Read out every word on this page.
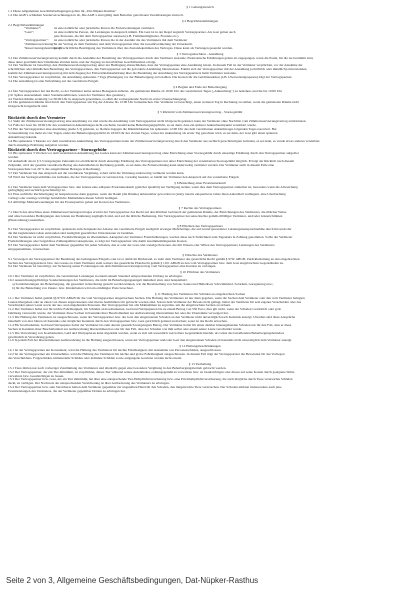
§ 1 Geltungsbereich
1.1 Diese Allgemeinen Geschäftsbedingungen gelten für „Dat-Nüpker-Rasthus“
1.2 Die AGB´s schließen Sonderverrechnungen in ab, Die AGB´s sind gültig dem Betreiber getroffenen Vereinbarungen sinnvoll.
§ 2 Begriffsbestimmungen
2.1 Begriffsbestimmungen
"Vermieter":	ist eine natürliche oder juristische Person die Ferienwohnungen vermietet.
"Gast":	ist eine natürliche Person, die Leistungen in Anspruch nimmt. Ein Gast ist in der Regel zugleich Vertragspartner. Als Gast gelten auch
jene Personen, die mit dem Vertragspartner anreisen (z.B. Familienmitglieder, Freunde etc.).
"Vertragspartner": ist eine natürliche oder juristische Person die in der Ausfuhr die des Vermieters mit dem Vermieter
"Zimmerreservierung":ist der Vertrag zu dem Vermieter und dem Vertragspartner über die Gesamtvermietung der Unterkunft.
"Reservierungsbestätigung":ist die schriftliche Bestätigung des Vermieters über das Zustandekommen des Vertrages. Diese kann als Verlangen gesendet werden.
§ 3 Vertragsabschluss - Anzahlung
3.1 Der Zimmerreservierungsvertrag kommt durch die Annahme der Bestellung des Vertragspartners durch den Vermieter zustande. Elektronische Erklärungen gelten als zugegangen, wenn die Partei, für die sie bestimmt sind,
diese unter gewöhnlichen Umständen abrufen kann, und der Zugang zu den üblichen Geschäftszeiten erfolgt.
3.2 Der Vermieter ist berechtigt, den Zimmerreservierungsvertrag unter der Bedingung abzuschließen, dass der Vertragspartner eine Anzahlung leistet. In diesem Fall ist der Vermieter verpflichtet, vor der Annahme der
schriftlichen oder mündlichen Bestellung des Vertragspartners, den Vertragspartner auf die geforderte Anzahlung hinzuweisen. Erklärt sich der Vertragspartner mit der Anzahlung (schriftlich oder mündlich) einverstanden,
kommt der Zimmerreservierungsvertrag mit dem Zugang der Einverständniserklärung über die Bezahlung der Anzahlung des Vertragspartners beim Vermieter zustande.
3.3 Der Vertragspartner ist verpflichtet, die Anzahlung spätestens 7 Tage (Einlangen) vor der Beherbergung zu bezahlen. Die Kosten für die Geldtransaktion (z.B. Überweisungsspesen) trägt der Vertragspartner.
3.4 Die Anzahlung ist eine Teilzahlung auf das vereinbarte Entgelt.
§ 4 Beginn und Ende der Beherbergung
4.1 Der Vertragspartner hat das Recht, so der Vermieter keine andere Bezugszeit anbietet, die gemieteten Räume ab 16:00 Uhr des vereinbarten Tages („Ankunftstag“) zu beziehen, und die bis 10:00 Uhr
(10. Spätes Auszuziehen: unter Sonderkonditionen, wenn der Vermieter dies gestattet).
4.2 Werden Räume erstmalig vor 06:00 Uhr in Anspruch genommen, so zählt die vorhergehende Nacht als erster Übernachtungstag.
4.3 Die gemieteten Räume sind durch den Vertragspartner am Tag der Abreise bis 12:00 Uhr freizumachen. Der Vermieter ist berechtigt, einen weiteren Tag in Rechnung zu stellen, wenn die gemieteten Räume nicht
fristgerecht freigemacht sind.
§ 5 Rücktritt vom Zimmerreservierungsvertrag - Stornogebühr
Rücktritt durch den Vermieter
5.1 Sieht der Zimmerreservierungsvertrag eine Anzahlung vor und wurde die Anzahlung vom Vertragspartner nicht fristgerecht geleistet, kann der Vermieter ohne Nachfrist vom Zimmerreservierungsvertrag zurücktreten.
5.2 Falls der Gast bis 18:00 Uhr des vereinbarten Ankunftstages nicht erscheint, besteht keine Beherbergungspflicht, es sei denn, dass ein späterer Ankunftszeitpunkt vereinbart wurde.
5.3 Hat der Vertragspartner eine Anzahlung (siehe 3.3) geleistet, so bleiben dagegen die Räumlichkeiten bis spätestens 12:00 Uhr des dem vereinbarten Ankunftstages folgenden Tages reserviert. Bei
Vorauszahlung von mehr als vier Tagen, endet die Beherbergungspflicht ab 18:00 Uhr des vierten Tages, wobei der Ankunftstag als erster Tag gerechnet wird, es sei denn, der Gast gibt einen späteren
Ankunftstag bekannt.
5.4 Bis spätestens 3 Monate vor dem vereinbarten Ankunftstag des Vertragspartners kann der Zimmerreservierungsvertrag durch den Vermieter aus sachlich gerechtfertigten Gründen, es sei denn, es wurde etwas anderes vereinbart,
durch einseitige Erklärung aufgelöst werden.
Rücktritt durch den Vertragspartner - Stornogebühr
5.5 Bis spätestens 3 Wochen vor dem vereinbarten Ankunftstag des Gastes kann der Zimmerreservierungsvertrag ohne Entrichtung einer Stornogebühr durch einseitige Erklärung durch den Vertragspartner aufgelöst
werden.
5.6 Außerhalb des in § 5.5 festgelegten Zeitraums ist ein Rücktritt durch einseitige Erklärung des Vertragspartners nur unter Entrichtung der vereinbarten Stornogebühr möglich. Erfolgt der Rücktritt nach diesem
Zeitpunkt, wird der gesamte vereinbarte Betrag des Aufenthaltes in Rechnung gestellt, es sei denn, die Ferienwohnung kann anderweitig vermietet werden. Der Vermieter stellt in diesem Falle eine
Stornopauschale von 20 % des ausgefallenen Betrages in Rechnung.
5.7 Der Vermieter hat den Anspruch auf die vereinbarte Vergütung, sofern nicht die Wohnung anderweitig vermietet werden kann.
5.8 Wird das Vertragsverhältnis aus Gründen, die der Vertragspartner zu vertreten hat, vorzeitig beendet, so behält der Vermieter den Anspruch auf das vereinbarte Entgelt.
§ 6 Beistellung einer Ersatzunterkunft
6.1 Der Vermieter kann dem Vertragspartner bzw. den Gästen eine adäquate Ersatzunterkunft (gleicher Qualität) zur Verfügung stellen, wenn dies dem Vertragspartner zumutbar ist, besonders wenn die Abweichung
geringfügig und sachlich gerechtfertigt ist.
6.2 Eine sachliche Rechtfertigung ist beispielsweise dann gegeben, wenn der Raum (die Räume) unbenutzbar geworden ist (sind), bereits einquartierte Gäste ihren Aufenthalt verlängern, eine Überbuchung
vorliegt oder sonstige wichtige betriebliche Maßnahmen diesen Schritt bedingen.
6.3 Allfällige Mehraufwendungen für das Ersatzquartier gehen auf Kosten des Vermieters.
§ 7 Rechte des Vertragspartners
7.1 Durch den Abschluss eines Zimmerreservierungsvertrages erwirbt der Vertragspartner das Recht auf den üblichen Gebrauch der gemieteten Räume, der Einrichtungen des Vermieters, die üblicher Weise
und ohne besondere Bedingungen den Gästen zur Benützung zugänglich sind, und auf die übliche Bedienung. Der Vertragspartner hat seine Rechte gemäß allfälliger Vermieter- und/oder Gästerichtlinien
(Hausordnung) auszuüben.
§ 8 Pflichten des Vertragspartners
8.1 Der Vertragspartner ist verpflichtet, spätestens zum Zeitpunkt der Abreise das vereinbarte Entgelt zuzüglich etwaiger Mehrbeträge, die auf Grund gesonderter Leistungsinanspruchnahme durch ihn und/oder
die ihn begleitenden Gäste entstanden sind zuzüglich gesetzlicher Umsatzsteuer zu bezahlen.
8.2 Der Vermieter ist nicht verpflichtet, Fremdwährungen zu übernehmen. Akzeptiert der Vermieter Fremdwährungen, werden diese nach Tunlichkeit zum Tageskurs in Zahlung genommen. Sollte der Vermieter
Fremdwährungen oder bargeldlose Zahlungsmittel akzeptieren, so trägt der Vertragspartner alle damit zusammenhängenden Kosten.
8.3 Der Vertragspartner haftet dem Vermieter gegenüber für jeden Schaden, den er oder der Gast oder sonstige Personen, die mit Wissen oder Willen des Vertragspartners Leistungen des Vermieters
entgegennehmen, verursachen.
§ 9 Rechte des Vermieters
9.1 Verweigert der Vertragspartner die Bezahlung des bedungenen Entgelts oder ist er damit im Rückstand, so steht dem Vermieter das gesetzliche Recht gemäß § 970c ABGB, Zurückbehaltung an den eingebrachten
Sachen des Vertragspartners bzw. des Gastes zu. Dem Vermieter steht weiters das gesetzliche Pfandrecht gemäß § 1101 ABGB an den vom Vertragspartner bzw. dem Gast eingebrachten Gegenständen zu.
9.2 Der Vermieter ist berechtigt, zur Sicherung seiner Forderungen aus dem Zimmerreservierungsvertrag vom Vertragspartner eine Kaution zu verlangen.
§ 10 Pflichten des Vermieters
10.1 Der Vermieter ist verpflichtet, die vereinbarten Leistungen in einem seinem Standard entsprechenden Umfang zu erbringen.
10.2 Auszeichnungspflichtige Sonderleistungen des Vermieters, die nicht im Beherbergungsentgelt inkludiert sind, sind beispielhaft:
a) Sonderleistungen der Beherbergung, die gesondert in Rechnung gestellt werden können, wie die Bereitstellung von Salons, Sauna und Hallenbad, Schwimmbad, Solarium, Garagierung usw.;
b) für die Beistellung von Zusatz- bzw. Kinderbetten wird ein ermäßigter Preis berechnet.
§ 11 Haftung des Vermieters für Schäden an eingebrachten Sachen
11.1 Der Vermieter haftet gemäß §§ 970 ff ABGB für die vom Vertragspartner eingebrachten Sachen. Die Haftung des Vermieters ist nur dann gegeben, wenn die Sachen dem Vermieter oder den vom Vermieter befugten
Leuten übergeben oder an einen von diesen angewiesenen oder hierzu bestimmten Ort gebracht worden sind. Sofern dem Vermieter der Beweis nicht gelingt, haftet der Vermieter für sein eigenes Verschulden oder das
Verschulden seiner Leute sowie der aus- und eingehenden Personen. Der Vertragspartner hat alle Maßnahmen zu ergreifen, um die eingebrachten Sachen zu sichern.
11.2 Der Vermieter haftet nur für leichte Fahrlässigkeit, für Schäden an Kostbarkeiten, Geld und Wertpapieren bis zu einem Betrag von 550 Euro; dies gilt nicht, wenn der Schaden vorsätzlich oder grob
fahrlässig verursacht wurde, der Vermieter diese Sachen in Kenntnis ihrer Beschaffenheit zur Aufbewahrung übernommen hat oder die Übernahme verweigert hat.
11.3 Die Haftung des Vermieters ist ausgeschlossen, wenn der Vertragspartner bzw. der Gast den eingetretenen Schaden an den Vermieter nicht unverzüglich nach Kenntnis anzeigt. Überdies sind diese Ansprüche
innerhalb von drei Jahren ab Kenntnis oder möglicher Kenntnis durch den Vertragspartner bzw. Gast gerichtlich geltend zu machen; sonst ist das Recht erloschen.
11.4 Für Kostbarkeiten, Geld und Wertpapiere haftet der Vermieter bis zum derzeit gesetzlich festgelegten Betrag. Der Vermieter haftet für einen darüber hinausgehenden Schaden nur für den Fall, dass er diese
Sachen in Kenntnis ihrer Beschaffenheit zur Aufbewahrung übernommen hat oder für den Fall, dass der Schaden von ihm selbst oder einem seiner Leute verschuldet wurde.
11.5 Die Verwahrung von Kostbarkeiten, Geld und Wertpapieren kann abgelehnt werden, wenn es sich um wesentlich wertvollere Gegenstände handelt, als Gäste des betreffenden Beherbergungsbetriebes
gewöhnlich in Verwahrung geben.
11.6 In jedem Fall der übernommenen Aufbewahrung ist die Haftung ausgeschlossen, wenn der Vertragspartner und/oder Gast den eingetretenen Schaden ab Kenntnis nicht unverzüglich dem Vermieter anzeigt.
§ 12 Haftungsbeschränkungen
12.1 Ist der Vertragspartner ein Konsument, wird die Haftung des Vermieters für leichte Fahrlässigkeit, mit Ausnahme von Personenschäden, ausgeschlossen.
12.2 Ist der Vertragspartner ein Unternehmer, wird die Haftung des Vermieters für leichte und grobe Fahrlässigkeit ausgeschlossen. In diesem Fall trägt der Vertragspartner die Beweislast für das Vorliegen
des Verschuldens. Folgeschäden, immaterielle Schäden oder indirekte Schäden sowie entgangene Gewinne werden nicht ersetzt.
§ 13 Tierhaltung
13.1 Tiere dürfen nur nach vorheriger Zustimmung des Vermieters und allenfalls gegen eine besondere Vergütung in den Beherbergungsbetrieb gebracht werden.
13.2 Der Vertragspartner, der ein Tier mitnimmt, ist verpflichtet, dieses Tier während seines Aufenthaltes ordnungsgemäß zu verwahren bzw. zu beaufsichtigen oder dieses auf seine Kosten durch geeignete Dritte
verwahren bzw. beaufsichtigen zu lassen.
13.3 Der Vertragspartner bzw. Gast, der ein Tier mitnimmt, hat über eine entsprechende Tier-Haftpflichtversicherung bzw. eine Privathaftpflichtversicherung, die auch mögliche durch Tiere verursachte Schäden
deckt, zu verfügen. Der Nachweis der entsprechenden Versicherung ist über Aufforderung des Vermieters zu erbringen.
13.4 Der Vertragspartner bzw. sein Versicherer haften dem Vermieter gegenüber zur ungeteilten Hand für den Schaden, den mitgebrachte Tiere verursachen. Der Schaden umfasst insbesondere auch jene
Ersatzleistungen des Vermieters, die der Vermieter gegenüber Dritten zu erbringen hat.
Seite 2 von 3, Allgemeine Geschäftsbedingungen, Dat-Nüpker-Rasthus
